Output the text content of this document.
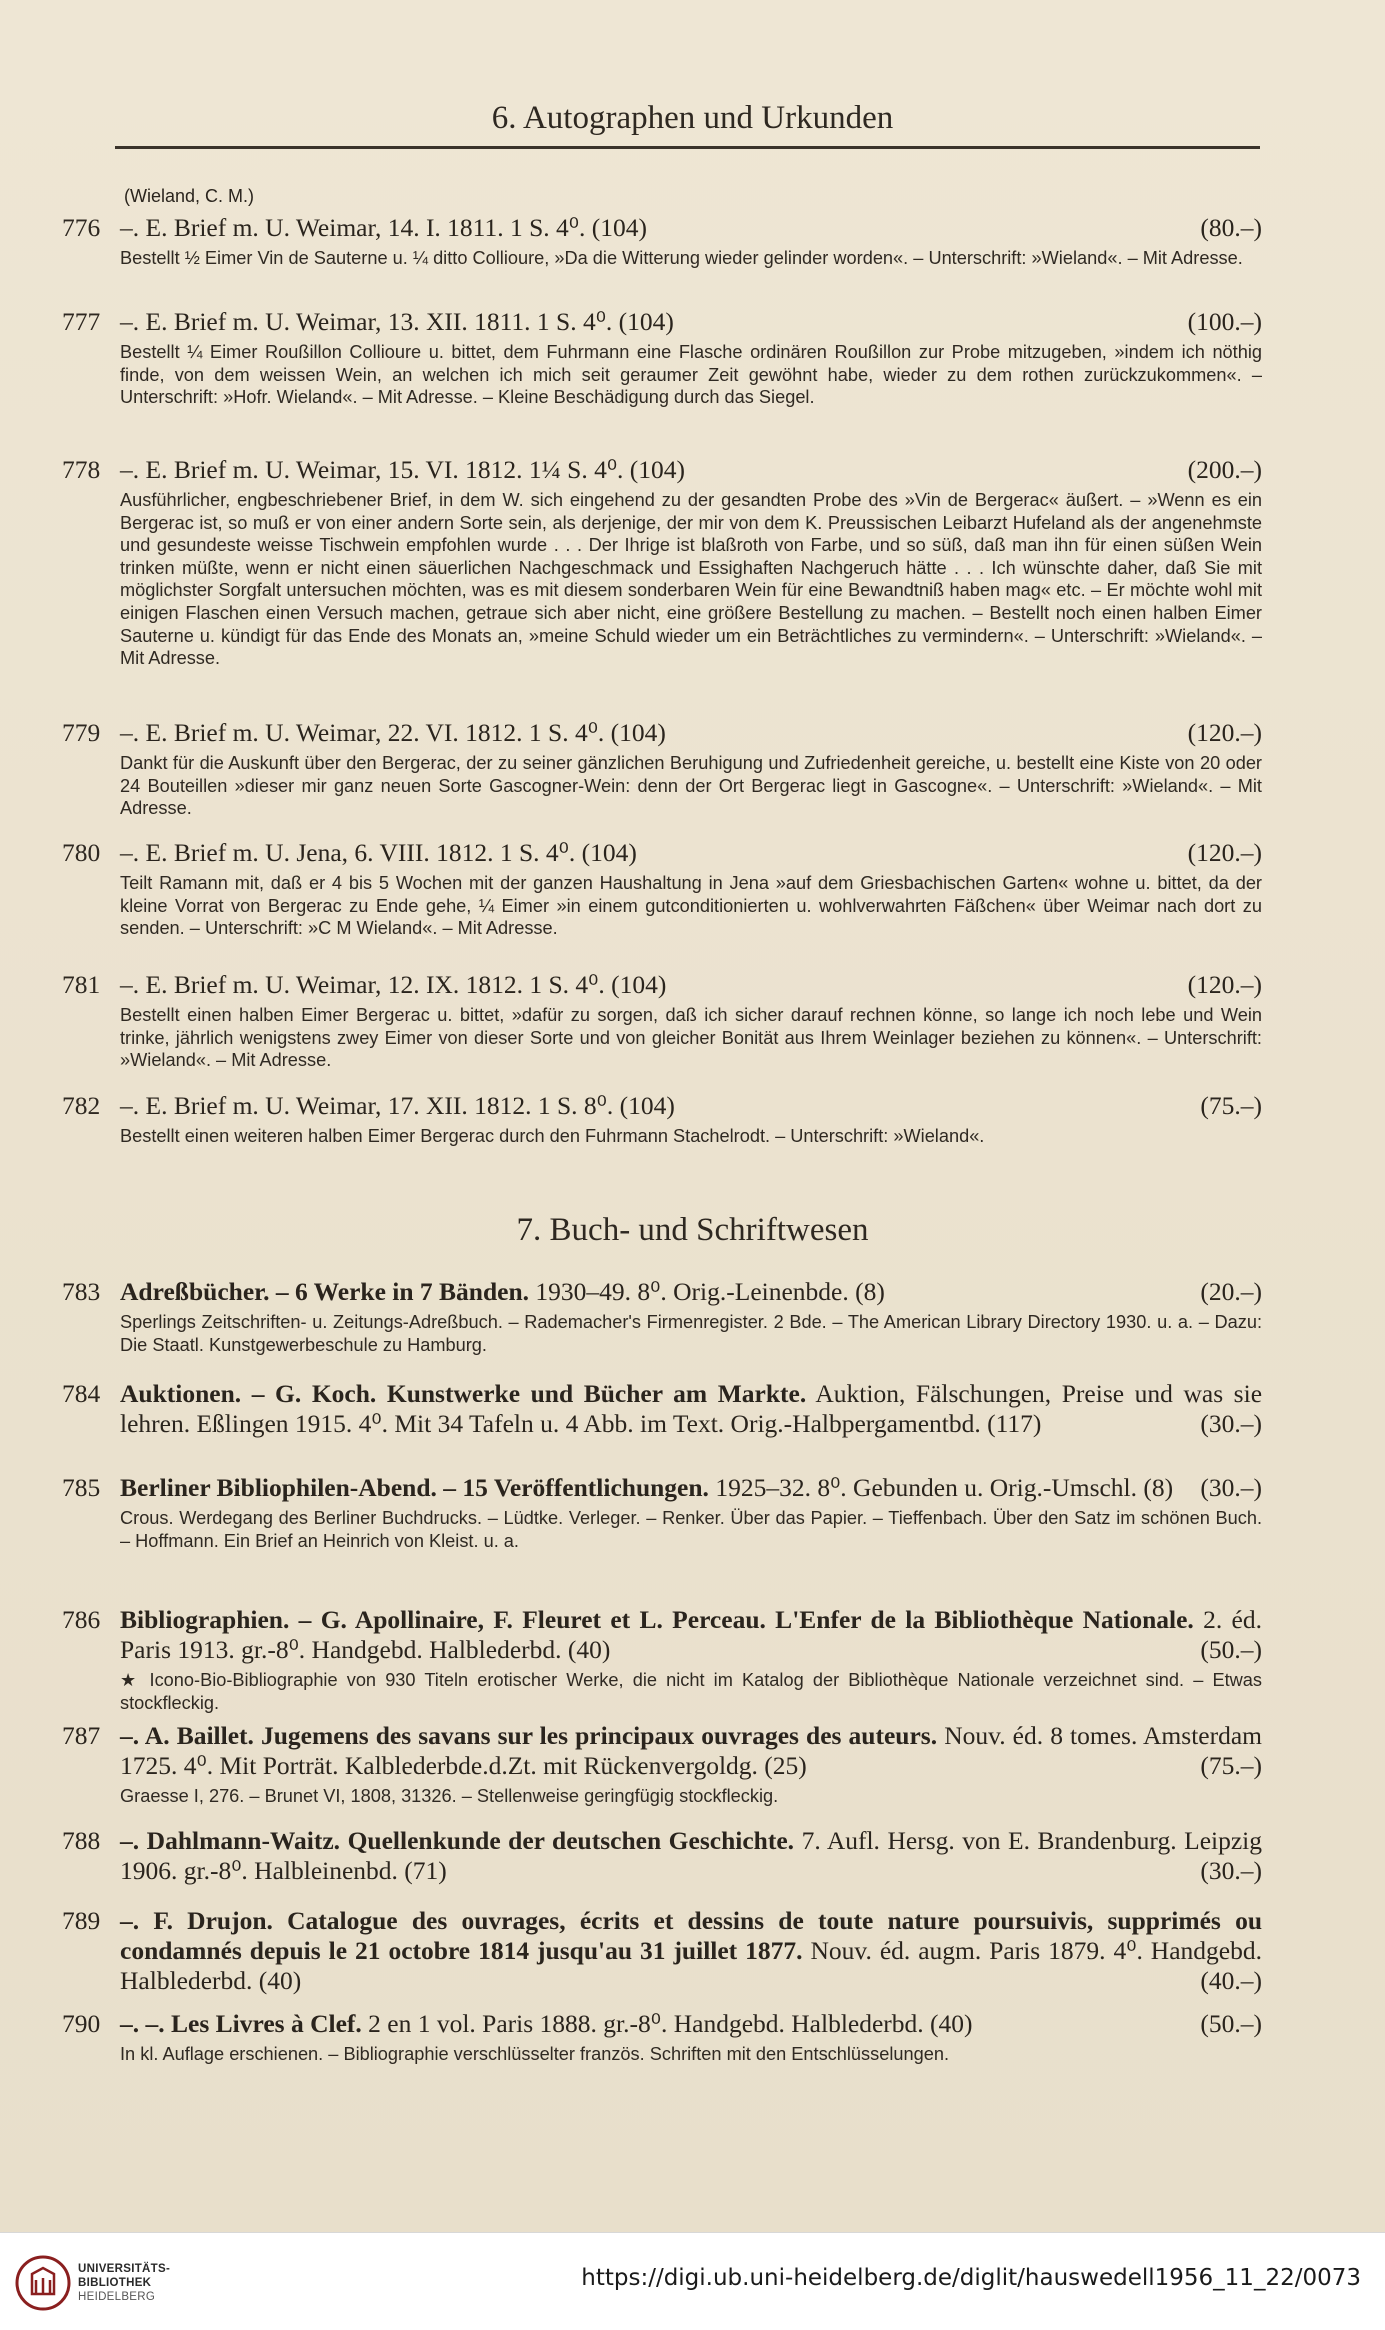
6. Autographen und Urkunden
(Wieland, C. M.)
776 –. E. Brief m. U. Weimar, 14. I. 1811. 1 S. 4⁰. (104)	(80.–)
Bestellt ½ Eimer Vin de Sauterne u. ¼ ditto Collioure, »Da die Witterung wieder gelinder worden«. – Unterschrift: »Wieland«. – Mit Adresse.
777 –. E. Brief m. U. Weimar, 13. XII. 1811. 1 S. 4⁰. (104)	(100.–)
Bestellt ¼ Eimer Roußillon Collioure u. bittet, dem Fuhrmann eine Flasche ordinären Roußillon zur Probe mitzugeben, »indem ich nöthig finde, von dem weissen Wein, an welchen ich mich seit geraumer Zeit gewöhnt habe, wieder zu dem rothen zurückzukommen«. – Unterschrift: »Hofr. Wieland«. – Mit Adresse. – Kleine Beschädigung durch das Siegel.
778 –. E. Brief m. U. Weimar, 15. VI. 1812. 1¼ S. 4⁰. (104)	(200.–)
Ausführlicher, engbeschriebener Brief, in dem W. sich eingehend zu der gesandten Probe des »Vin de Bergerac« äußert. – »Wenn es ein Bergerac ist, so muß er von einer andern Sorte sein, als derjenige, der mir von dem K. Preussischen Leibarzt Hufeland als der angenehmste und gesundeste weisse Tischwein empfohlen wurde . . . Der Ihrige ist blaßroth von Farbe, und so süß, daß man ihn für einen süßen Wein trinken müßte, wenn er nicht einen säuerlichen Nachgeschmack und Essighaften Nachgeruch hätte . . . Ich wünschte daher, daß Sie mit möglichster Sorgfalt untersuchen möchten, was es mit diesem sonderbaren Wein für eine Bewandtniß haben mag« etc. – Er möchte wohl mit einigen Flaschen einen Versuch machen, getraue sich aber nicht, eine größere Bestellung zu machen. – Bestellt noch einen halben Eimer Sauterne u. kündigt für das Ende des Monats an, »meine Schuld wieder um ein Beträchtliches zu vermindern«. – Unterschrift: »Wieland«. – Mit Adresse.
779 –. E. Brief m. U. Weimar, 22. VI. 1812. 1 S. 4⁰. (104)	(120.–)
Dankt für die Auskunft über den Bergerac, der zu seiner gänzlichen Beruhigung und Zufriedenheit gereiche, u. bestellt eine Kiste von 20 oder 24 Bouteillen »dieser mir ganz neuen Sorte Gascogner-Wein: denn der Ort Bergerac liegt in Gascogne«. – Unterschrift: »Wieland«. – Mit Adresse.
780 –. E. Brief m. U. Jena, 6. VIII. 1812. 1 S. 4⁰. (104)	(120.–)
Teilt Ramann mit, daß er 4 bis 5 Wochen mit der ganzen Haushaltung in Jena »auf dem Griesbachischen Garten« wohne u. bittet, da der kleine Vorrat von Bergerac zu Ende gehe, ¼ Eimer »in einem gutconditionierten u. wohlverwahrten Fäßchen« über Weimar nach dort zu senden. – Unterschrift: »C M Wieland«. – Mit Adresse.
781 –. E. Brief m. U. Weimar, 12. IX. 1812. 1 S. 4⁰. (104)	(120.–)
Bestellt einen halben Eimer Bergerac u. bittet, »dafür zu sorgen, daß ich sicher darauf rechnen könne, so lange ich noch lebe und Wein trinke, jährlich wenigstens zwey Eimer von dieser Sorte und von gleicher Bonität aus Ihrem Weinlager beziehen zu können«. – Unterschrift: »Wieland«. – Mit Adresse.
782 –. E. Brief m. U. Weimar, 17. XII. 1812. 1 S. 8⁰. (104)	(75.–)
Bestellt einen weiteren halben Eimer Bergerac durch den Fuhrmann Stachelrodt. – Unterschrift: »Wieland«.
7. Buch- und Schriftwesen
783 Adreßbücher. – 6 Werke in 7 Bänden. 1930–49. 8⁰. Orig.-Leinenbde. (8)	(20.–)
Sperlings Zeitschriften- u. Zeitungs-Adreßbuch. – Rademacher's Firmenregister. 2 Bde. – The American Library Directory 1930. u. a. – Dazu: Die Staatl. Kunstgewerbeschule zu Hamburg.
784 Auktionen. – G. Koch. Kunstwerke und Bücher am Markte. Auktion, Fälschungen, Preise und was sie lehren. Eßlingen 1915. 4⁰. Mit 34 Tafeln u. 4 Abb. im Text. Orig.-Halbpergamentbd. (117)	(30.–)
785 Berliner Bibliophilen-Abend. – 15 Veröffentlichungen. 1925–32. 8⁰. Gebunden u. Orig.-Umschl. (8)	(30.–)
Crous. Werdegang des Berliner Buchdrucks. – Lüdtke. Verleger. – Renker. Über das Papier. – Tieffenbach. Über den Satz im schönen Buch. – Hoffmann. Ein Brief an Heinrich von Kleist. u. a.
786 Bibliographien. – G. Apollinaire, F. Fleuret et L. Perceau. L'Enfer de la Bibliothèque Nationale. 2. éd. Paris 1913. gr.-8⁰. Handgebd. Halblederbd. (40)	(50.–)
★ Icono-Bio-Bibliographie von 930 Titeln erotischer Werke, die nicht im Katalog der Bibliothèque Nationale verzeichnet sind. – Etwas stockfleckig.
787 –. A. Baillet. Jugemens des savans sur les principaux ouvrages des auteurs. Nouv. éd. 8 tomes. Amsterdam 1725. 4⁰. Mit Porträt. Kalblederbde.d.Zt. mit Rückenvergoldg. (25)	(75.–)
Graesse I, 276. – Brunet VI, 1808, 31326. – Stellenweise geringfügig stockfleckig.
788 –. Dahlmann-Waitz. Quellenkunde der deutschen Geschichte. 7. Aufl. Hersg. von E. Brandenburg. Leipzig 1906. gr.-8⁰. Halbleinenbd. (71)	(30.–)
789 –. F. Drujon. Catalogue des ouvrages, écrits et dessins de toute nature poursuivis, supprimés ou condamnés depuis le 21 octobre 1814 jusqu'au 31 juillet 1877. Nouv. éd. augm. Paris 1879. 4⁰. Handgebd. Halblederbd. (40)	(40.–)
790 –. –. Les Livres à Clef. 2 en 1 vol. Paris 1888. gr.-8⁰. Handgebd. Halblederbd. (40)	(50.–)
In kl. Auflage erschienen. – Bibliographie verschlüsselter französ. Schriften mit den Entschlüsselungen.
UNIVERSITÄTS-
BIBLIOTHEK
HEIDELBERG
https://digi.ub.uni-heidelberg.de/diglit/hauswedell1956_11_22/0073
